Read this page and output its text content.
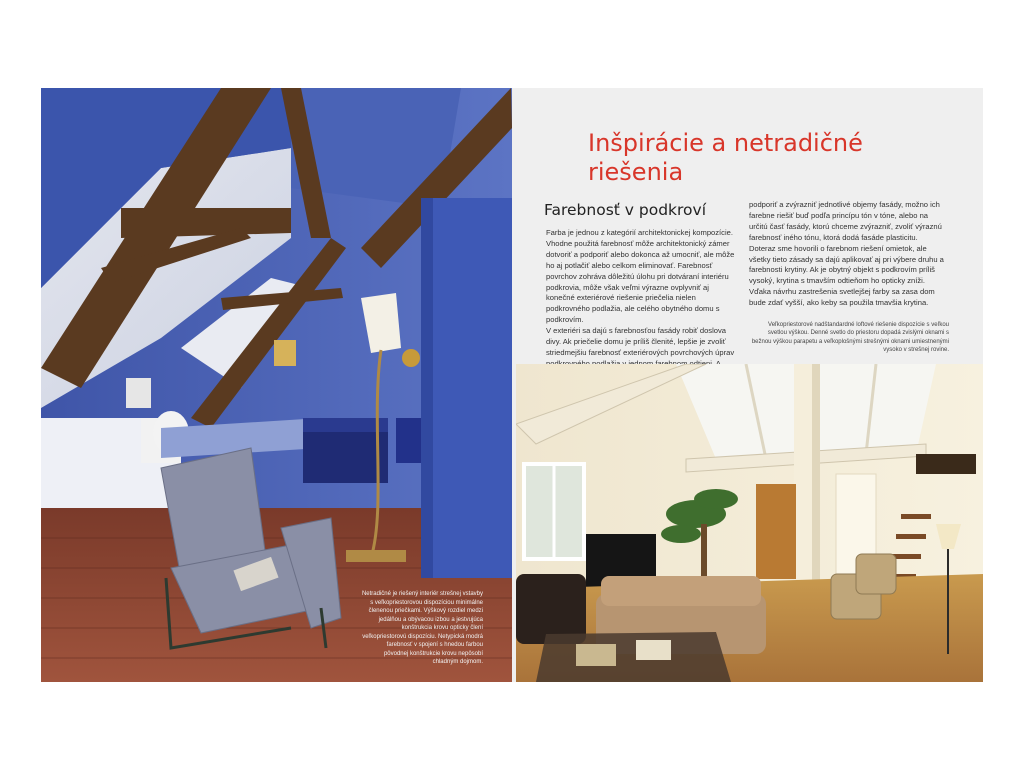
Inšpirácie a netradičné
riešenia
Farebnosť v podkroví

Farba je jednou z kategórií architektonickej kompozície. Vhodne použitá farebnosť môže architektonický zámer dotvoriť a podporiť alebo dokonca až umocniť, ale môže ho aj potlačiť alebo celkom eliminovať. Farebnosť povrchov zohráva dôležitú úlohu pri dotváraní interiéru podkrovia, môže však veľmi výrazne ovplyvniť aj konečné exteriérové riešenie priečelia nielen podkrovného podlažia, ale celého obytného domu s podkrovím.

V exteriéri sa dajú s farebnosťou fasády robiť doslova divy. Ak priečelie domu je príliš členité, lepšie je zvoliť striedmejšiu farebnosť exteriérových povrchových úprav

podporiť a zvýrazniť jednotlivé objemy fasády, možno ich farebne riešiť buď podľa princípu tón v tóne, alebo na určitú časť fasády, ktorú chceme zvýrazniť, zvoliť výraznú farebnosť iného tónu, ktorá dodá fasáde plasticitu.

Doteraz sme hovorili o farebnom riešení omietok, ale všetky tieto zásady sa dajú aplikovať aj pri výbere druhu a farebnosti krytiny. Ak je obytný objekt s podkrovím príliš vysoký, krytina s tmavším odtieňom ho opticky zníži. Vďaka návrhu zastrešenia svetlejšej farby sa zasa dom bude zdať vyšší, ako keby sa použila tmavšia krytina.

Veľkopriestorové nadštandardné loftové riešenie dispozície s veľkou svetlou výškou. Denné svetlo do priestoru dopadá zvislými oknami s bežnou výškou parapetu a veľkoplošnými strešnými oknami umiestnenými vysoko v strešnej rovine.

Netradičné je riešený interiér strešnej vstavby s veľkopriestorovou dispozíciou minimálne členenou priečkami. Výškový rozdiel medzi jedálňou a obývacou izbou a jestvujúca konštrukcia krovu opticky člení veľkopriestorovú dispozíciu. Netypická modrá farebnosť v spojení s hnedou farbou pôvodnej konštrukcie krovu nepôsobí chladným dojmom.
